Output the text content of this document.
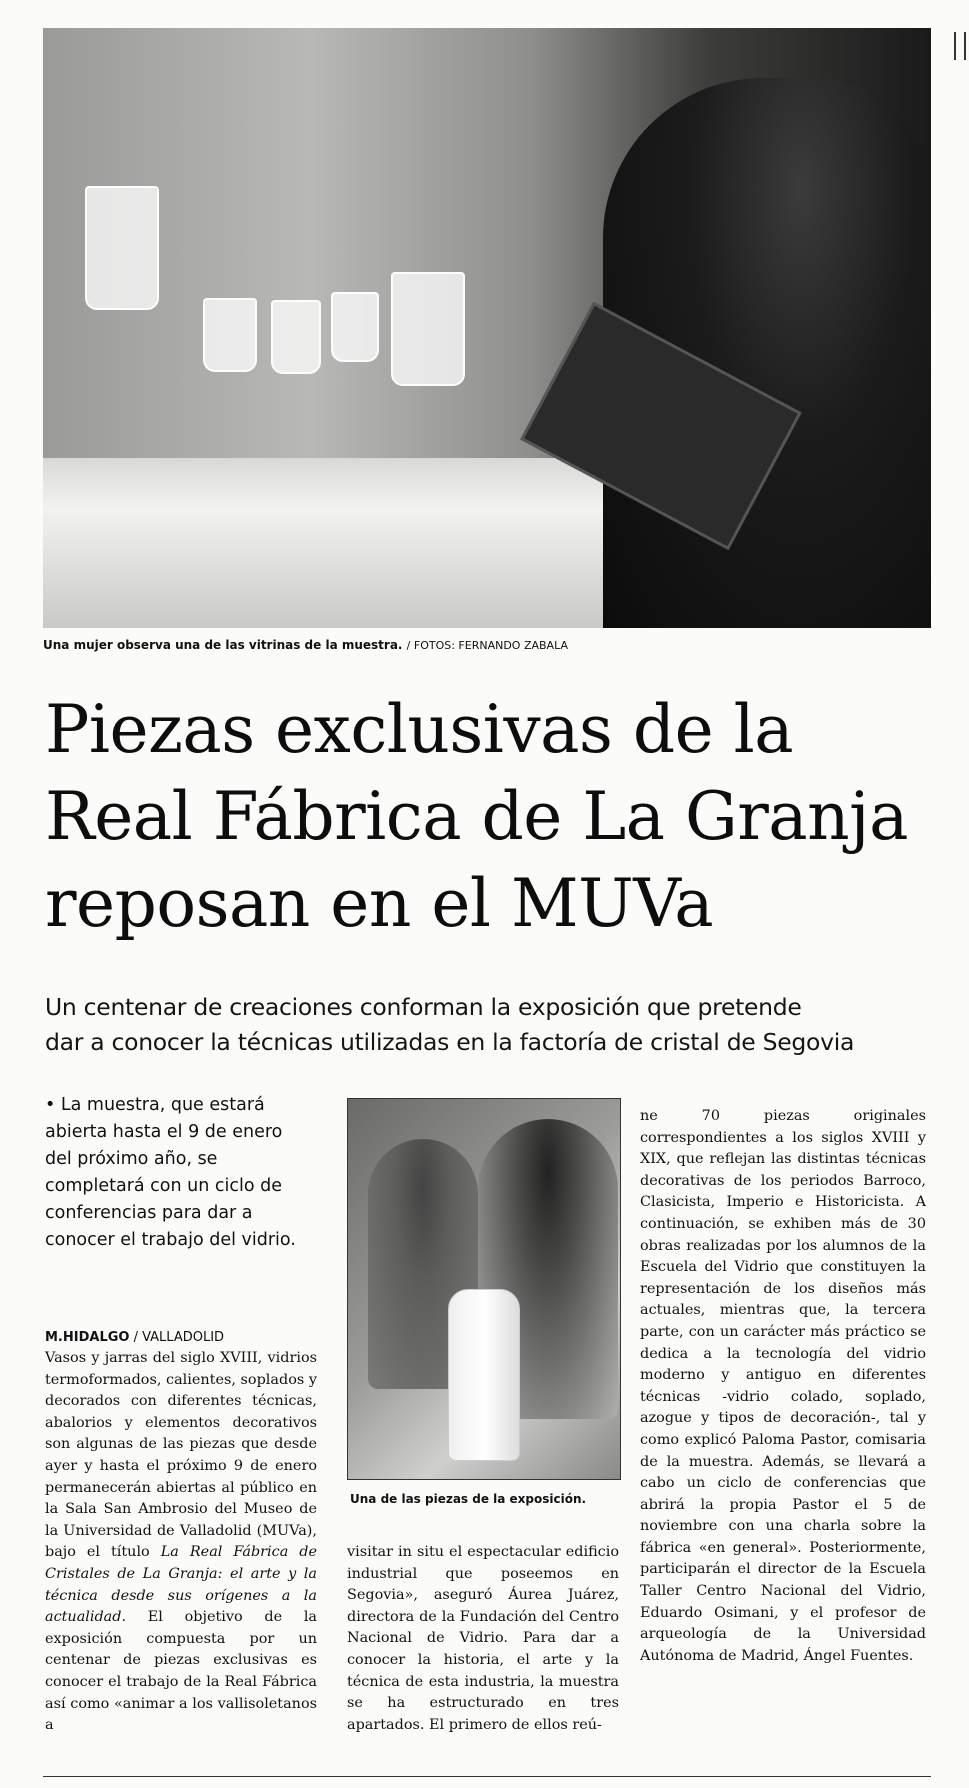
Una mujer observa una de las vitrinas de la muestra. / FOTOS: FERNANDO ZABALA
Piezas exclusivas de la
Real Fábrica de La Granja
reposan en el MUVa
Un centenar de creaciones conforman la exposición que pretende
dar a conocer la técnicas utilizadas en la factoría de cristal de Segovia
• La muestra, que estará abierta hasta el 9 de enero del próximo año, se completará con un ciclo de conferencias para dar a conocer el trabajo del vidrio.
M.HIDALGO / VALLADOLID

Vasos y jarras del siglo XVIII, vidrios termoformados, calientes, soplados y decorados con diferentes técnicas, abalorios y elementos decorativos son algunas de las piezas que desde ayer y hasta el próximo 9 de enero permanecerán abiertas al público en la Sala San Ambrosio del Museo de la Universidad de Valladolid (MUVa), bajo el título La Real Fábrica de Cristales de La Granja: el arte y la técnica desde sus orígenes a la actualidad. El objetivo de la exposición compuesta por un centenar de piezas exclusivas es conocer el trabajo de la Real Fábrica así como «animar a los vallisoletanos a

Una de las piezas de la exposición.

visitar in situ el espectacular edificio industrial que poseemos en Segovia», aseguró Áurea Juárez, directora de la Fundación del Centro Nacional de Vidrio. Para dar a conocer la historia, el arte y la técnica de esta industria, la muestra se ha estructurado en tres apartados. El primero de ellos reú-

ne 70 piezas originales correspondientes a los siglos XVIII y XIX, que reflejan las distintas técnicas decorativas de los periodos Barroco, Clasicista, Imperio e Historicista. A continuación, se exhiben más de 30 obras realizadas por los alumnos de la Escuela del Vidrio que constituyen la representación de los diseños más actuales, mientras que, la tercera parte, con un carácter más práctico se dedica a la tecnología del vidrio moderno y antiguo en diferentes técnicas -vidrio colado, soplado, azogue y tipos de decoración-, tal y como explicó Paloma Pastor, comisaria de la muestra. Además, se llevará a cabo un ciclo de conferencias que abrirá la propia Pastor el 5 de noviembre con una charla sobre la fábrica «en general». Posteriormente, participarán el director de la Escuela Taller Centro Nacional del Vidrio, Eduardo Osimani, y el profesor de arqueología de la Universidad Autónoma de Madrid, Ángel Fuentes.
